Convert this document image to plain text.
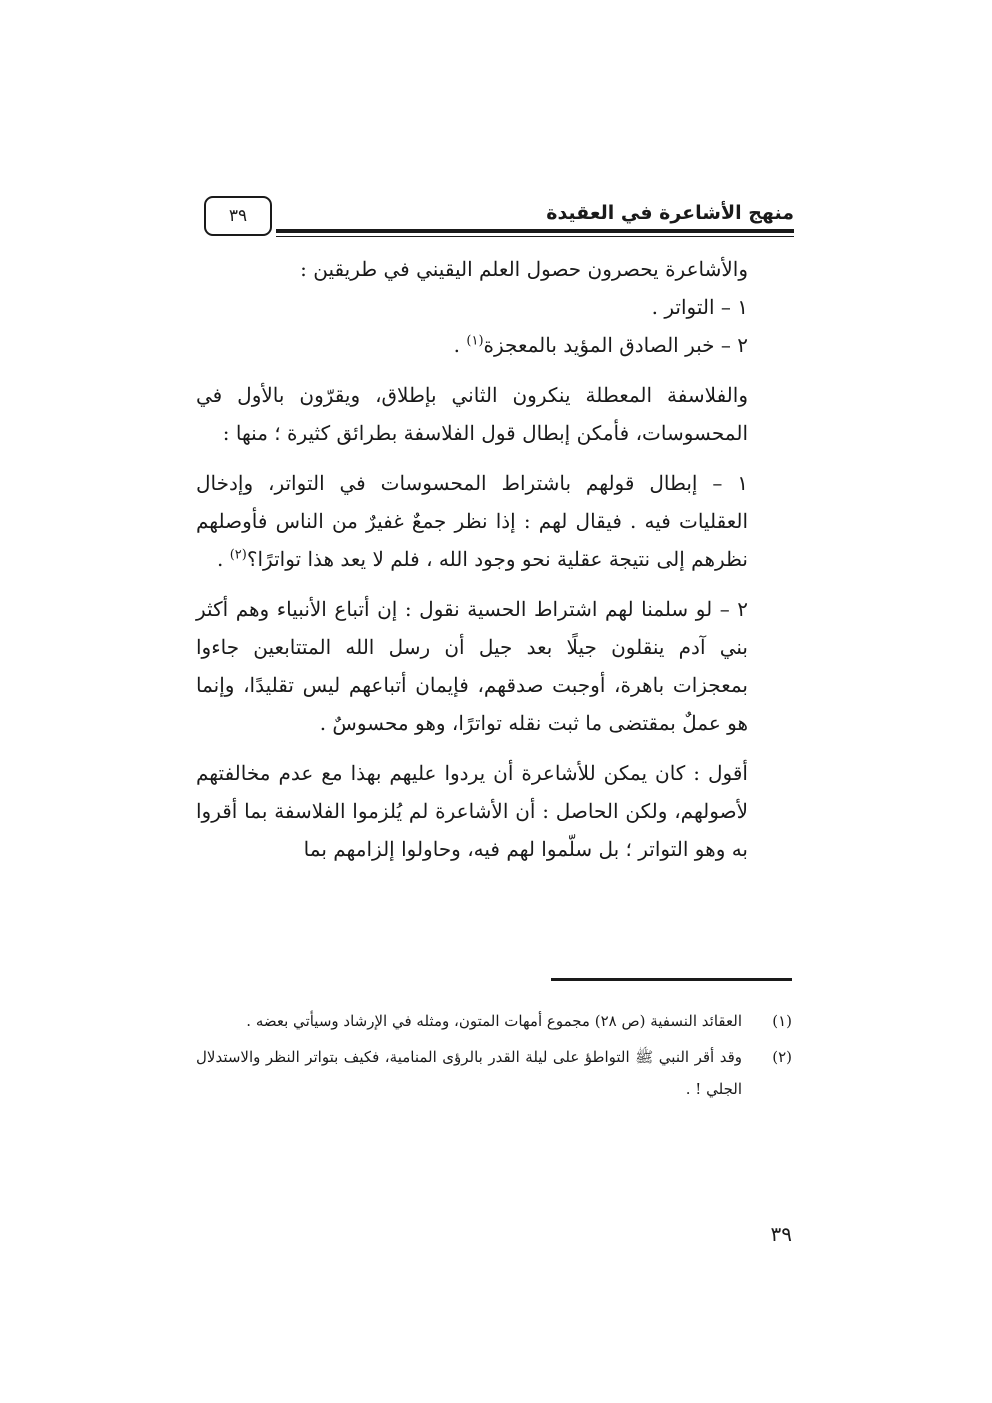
منهج الأشاعرة في العقيدة
٣٩

والأشاعرة يحصرون حصول العلم اليقيني في طريقين :

١ – التواتر .

٢ – خبر الصادق المؤيد بالمعجزة$^{(١)}$ .

والفلاسفة المعطلة ينكرون الثاني بإطلاق، ويقرّون بالأول في المحسوسات، فأمكن إبطال قول الفلاسفة بطرائق كثيرة ؛ منها :

١ – إبطال قولهم باشتراط المحسوسات في التواتر، وإدخال العقليات فيه . فيقال لهم : إذا نظر جمعٌ غفيرٌ من الناس فأوصلهم نظرهم إلى نتيجة عقلية نحو وجود الله ، فلم لا يعد هذا تواترًا؟$^{(٢)}$ .

٢ – لو سلمنا لهم اشتراط الحسية نقول : إن أتباع الأنبياء وهم أكثر بني آدم ينقلون جيلًا بعد جيل أن رسل الله المتتابعين جاءوا بمعجزات باهرة، أوجبت صدقهم، فإيمان أتباعهم ليس تقليدًا، وإنما هو عملٌ بمقتضى ما ثبت نقله تواترًا، وهو محسوسٌ .

أقول : كان يمكن للأشاعرة أن يردوا عليهم بهذا مع عدم مخالفتهم لأصولهم، ولكن الحاصل : أن الأشاعرة لم يُلزموا الفلاسفة بما أقروا به وهو التواتر ؛ بل سلّموا لهم فيه، وحاولوا إلزامهم بما

(١)
العقائد النسفية (ص ٢٨) مجموع أمهات المتون، ومثله في الإرشاد وسيأتي بعضه .
(٢)
وقد أقر النبي ﷺ التواطؤ على ليلة القدر بالرؤى المنامية، فكيف بتواتر النظر والاستدلال الجلي ! .
٣٩
